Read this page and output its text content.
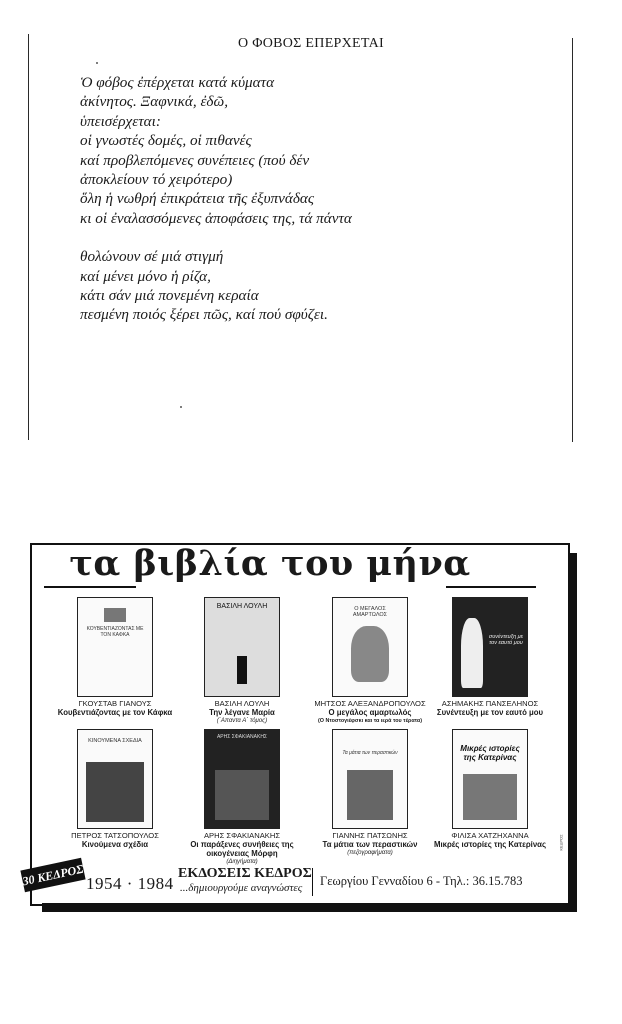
Ο ΦΟΒΟΣ ΕΠΕΡΧΕΤΑΙ
Ὁ φόβος ἐπέρχεται κατά κύματα
ἀκίνητος. Ξαφνικά, ἐδῶ,
ὑπεισέρχεται:
οἱ γνωστές δομές, οἱ πιθανές
καί προβλεπόμενες συνέπειες (πού δέν
ἀποκλείουν τό χειρότερο)
ὅλη ἡ νωθρή ἐπικράτεια τῆς ἐξυπνάδας
κι οἱ ἐναλασσόμενες ἀποφάσεις της, τά πάντα
θολώνουν σέ μιά στιγμή
καί μένει μόνο ἡ ρίζα,
κάτι σάν μιά πονεμένη κεραία
πεσμένη ποιός ξέρει πῶς, καί πού σφύζει.
τα βιβλία του μήνα
ΚΟΥΒΕΝΤΙΑΖΟΝΤΑΣ ΜΕ ΤΟΝ ΚΑΦΚΑ
ΓΚΟΥΣΤΑΒ ΓΙΑΝΟΥΣ
Κουβεντιάζοντας με τον Κάφκα
ΒΑΣΙΛΗ ΛΟΥΛΗ
ΒΑΣΙΛΗ ΛΟΥΛΗ
Την λέγανε Μαρία
(΄Απαντα Α΄ τόμος)
Ο ΜΕΓΑΛΟΣ ΑΜΑΡΤΩΛΟΣ
ΜΗΤΣΟΣ ΑΛΕΞΑΝΔΡΟΠΟΥΛΟΣ
Ο μεγάλος αμαρτωλός
(Ο Ντοστογιέφσκι και τα ιερά του τέρατα)
συνέντευξη με τον εαυτό μου
ΑΣΗΜΑΚΗΣ ΠΑΝΣΕΛΗΝΟΣ
Συνέντευξη με τον εαυτό μου
ΚΙΝΟΥΜΕΝΑ ΣΧΕΔΙΑ
ΠΕΤΡΟΣ ΤΑΤΣΟΠΟΥΛΟΣ
Κινούμενα σχέδια
ΑΡΗΣ ΣΦΑΚΙΑΝΑΚΗΣ
ΑΡΗΣ ΣΦΑΚΙΑΝΑΚΗΣ
Οι παράξενες συνήθειες της οικογένειας Μόρφη
(Διηγήματα)
Τα μάτια των περαστικών
ΓΙΑΝΝΗΣ ΠΑΤΣΩΝΗΣ
Τα μάτια των περαστικών
(πεζογραφήματα)
Μικρές ιστορίες της Κατερίνας
ΦΙΛΙΣΑ ΧΑΤΖΗΧΑΝΝΑ
Μικρές ιστορίες της Κατερίνας
30 ΚΕΔΡΟΣ 1954 · 1984
ΕΚΔΟΣΕΙΣ ΚΕΔΡΟΣ
...δημιουργούμε αναγνώστες Γεωργίου Γενναδίου 6 - Τηλ.: 36.15.783
ΚΕΔΡΟΣ
